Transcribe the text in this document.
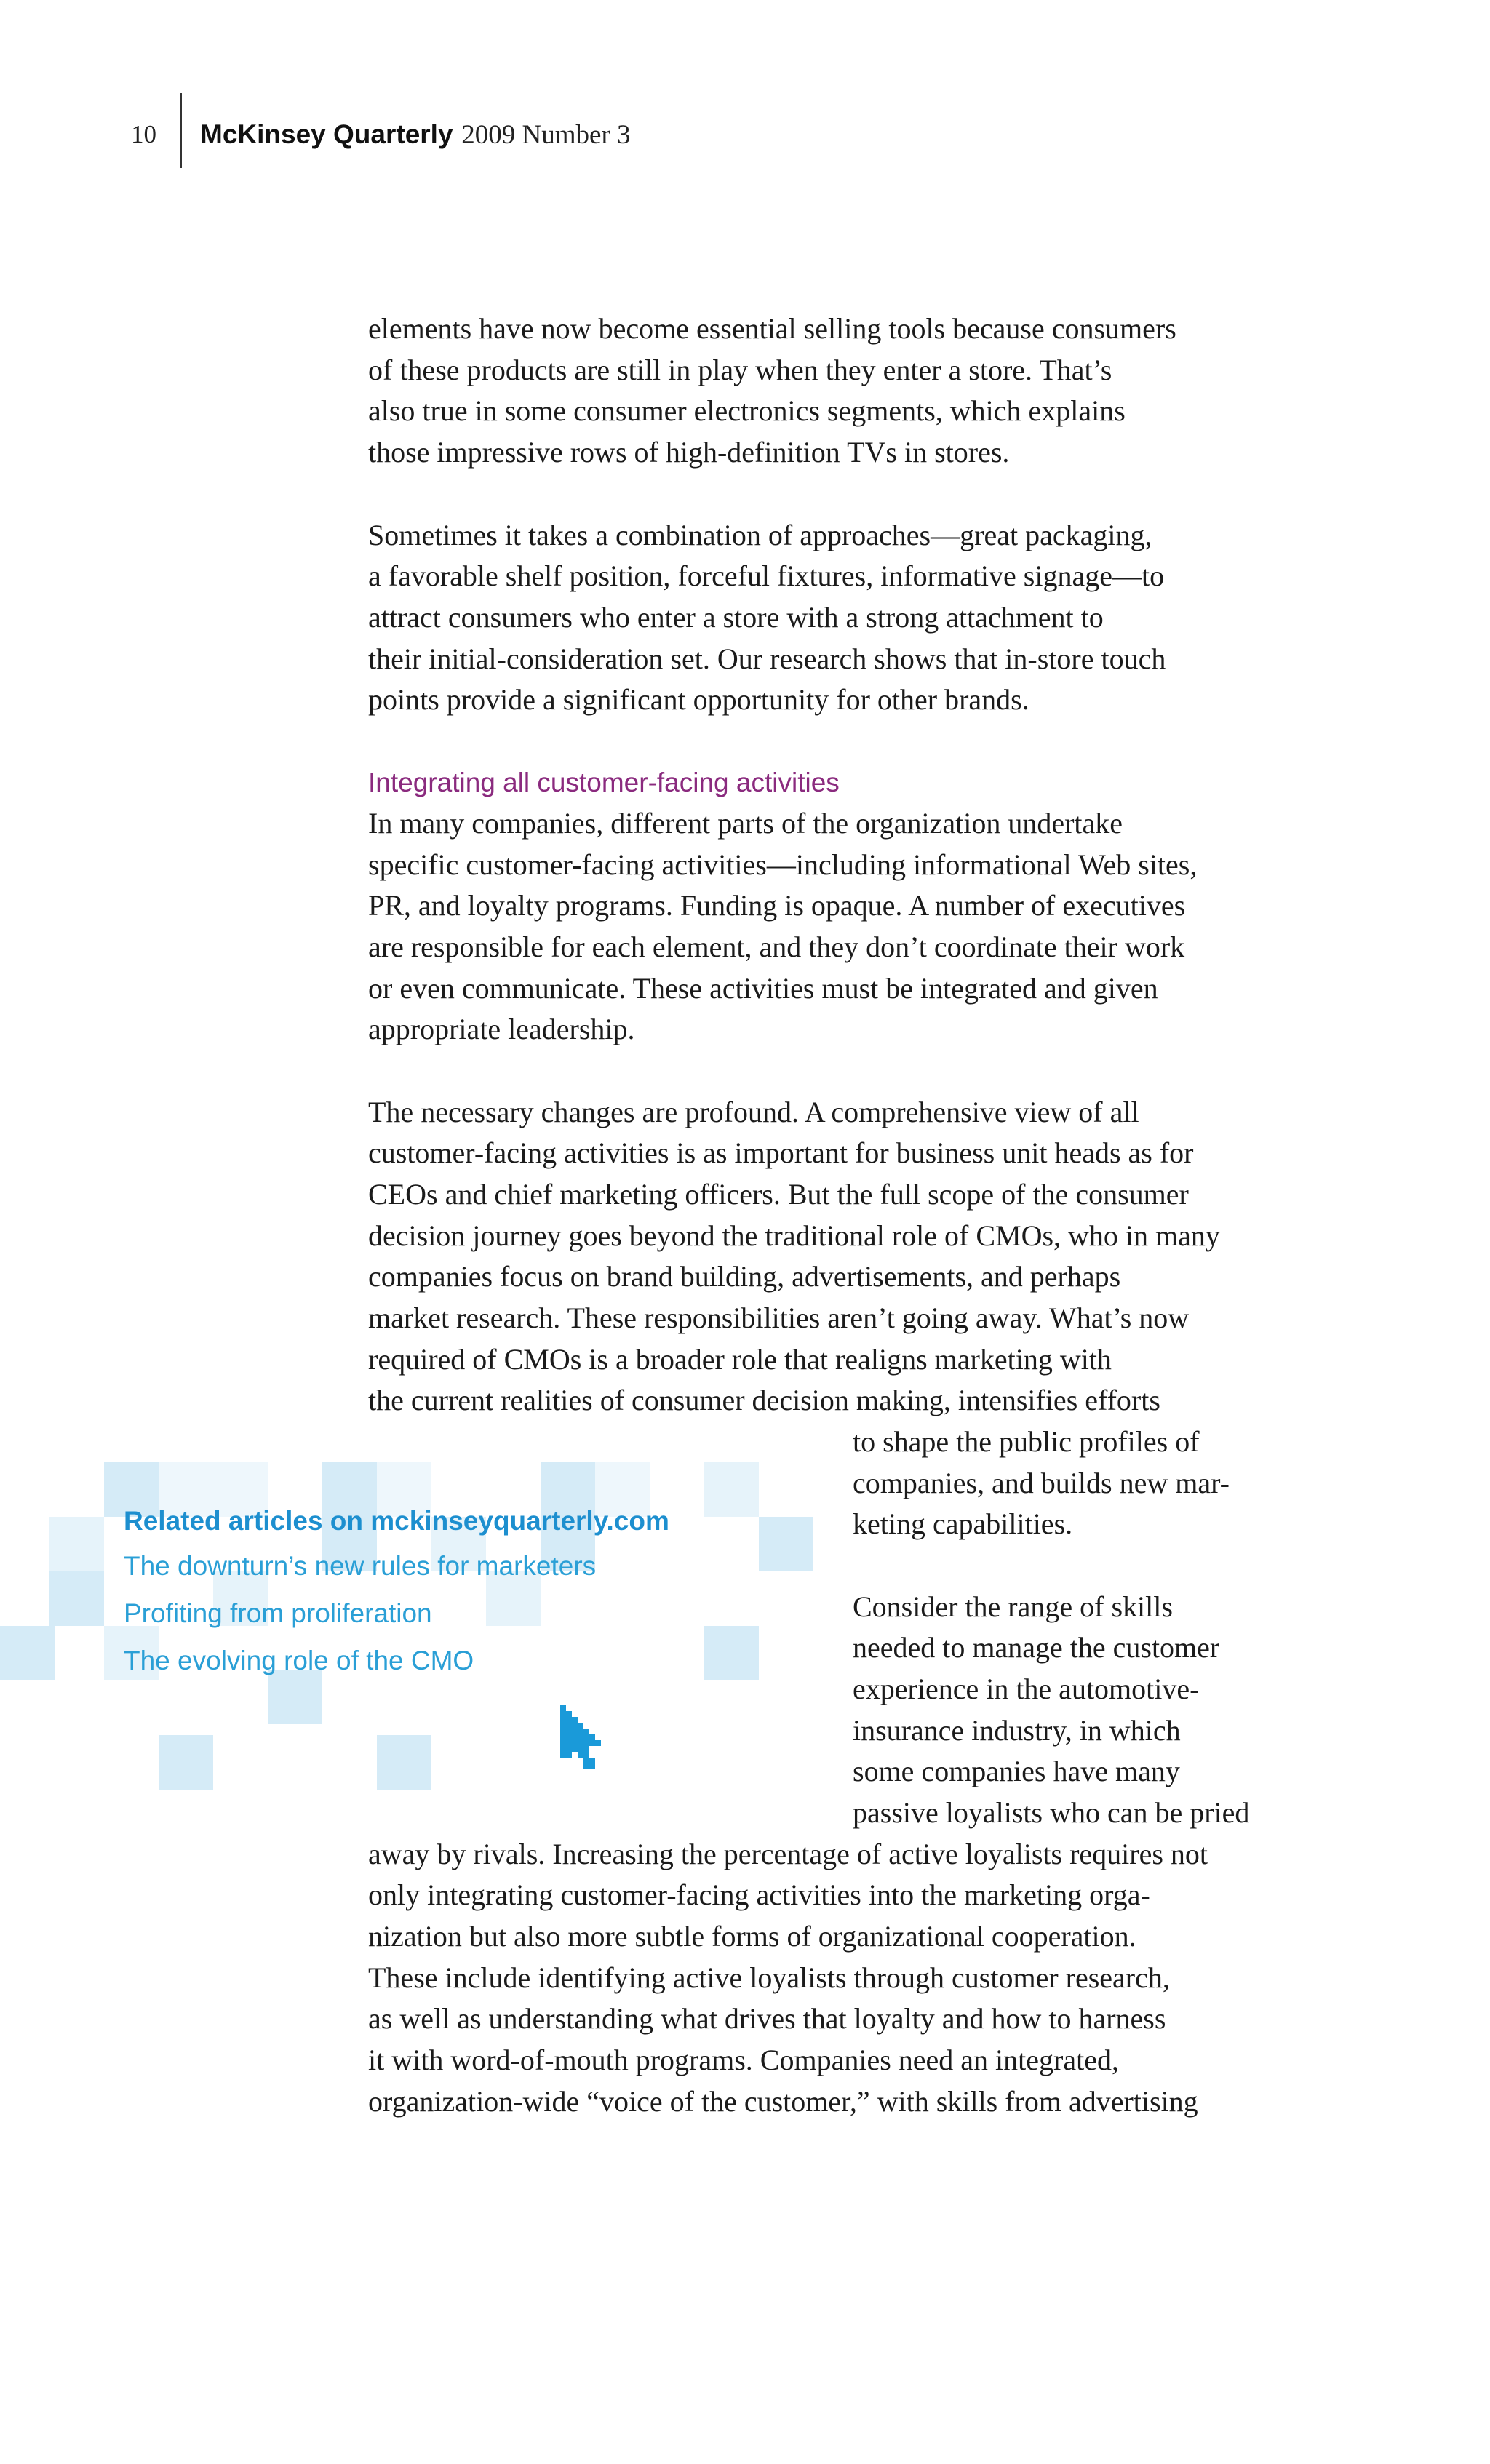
10 McKinsey Quarterly 2009 Number 3
elements have now become essential selling tools because consumers
of these products are still in play when they enter a store. That’s
also true in some consumer electronics segments, which explains
those impressive rows of high-definition TVs in stores.
Sometimes it takes a combination of approaches—great packaging,
a favorable shelf position, forceful fixtures, informative signage—to
attract consumers who enter a store with a strong attachment to
their initial-consideration set. Our research shows that in-store touch
points provide a significant opportunity for other brands.
Integrating all customer-facing activities
In many companies, different parts of the organization undertake
specific customer-facing activities—including informational Web sites,
PR, and loyalty programs. Funding is opaque. A number of executives
are responsible for each element, and they don’t coordinate their work
or even communicate. These activities must be integrated and given
appropriate leadership.
The necessary changes are profound. A comprehensive view of all
customer-facing activities is as important for business unit heads as for
CEOs and chief marketing officers. But the full scope of the consumer
decision journey goes beyond the traditional role of CMOs, who in many
companies focus on brand building, advertisements, and perhaps
market research. These responsibilities aren’t going away. What’s now
required of CMOs is a broader role that realigns marketing with
the current realities of consumer decision making, intensifies efforts
to shape the public profiles of
companies, and builds new mar-
keting capabilities.
Consider the range of skills
needed to manage the customer
experience in the automotive-
insurance industry, in which
some companies have many
passive loyalists who can be pried
away by rivals. Increasing the percentage of active loyalists requires not
only integrating customer-facing activities into the marketing orga-
nization but also more subtle forms of organizational cooperation.
These include identifying active loyalists through customer research,
as well as understanding what drives that loyalty and how to harness
it with word-of-mouth programs. Companies need an integrated,
organization-wide “voice of the customer,” with skills from advertising
Related articles on mckinseyquarterly.com
The downturn’s new rules for marketers
Profiting from proliferation
The evolving role of the CMO
